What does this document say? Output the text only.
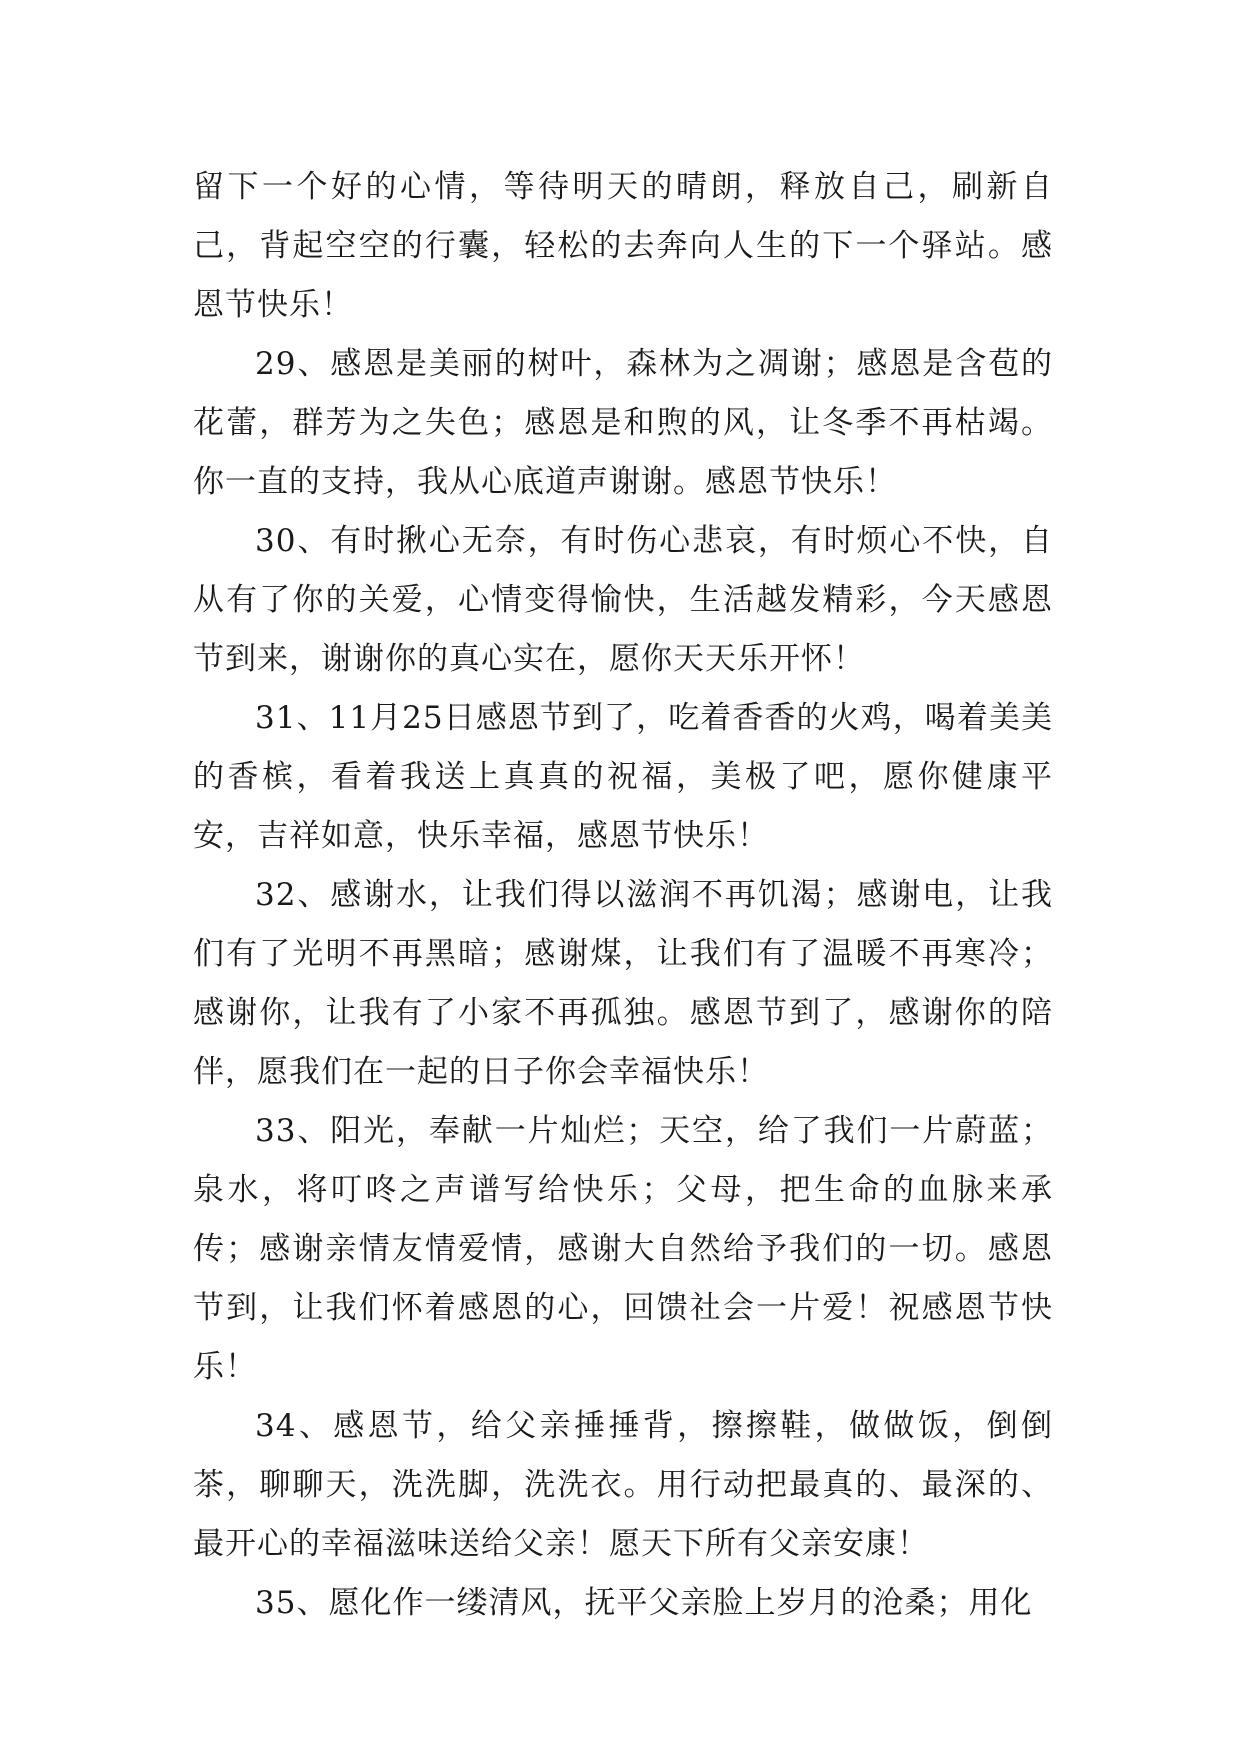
留下一个好的心情，等待明天的晴朗，释放自己，刷新自己，背起空空的行囊，轻松的去奔向人生的下一个驿站。感恩节快乐！

29、感恩是美丽的树叶，森林为之凋谢；感恩是含苞的花蕾，群芳为之失色；感恩是和煦的风，让冬季不再枯竭。你一直的支持，我从心底道声谢谢。感恩节快乐！

30、有时揪心无奈，有时伤心悲哀，有时烦心不快，自从有了你的关爱，心情变得愉快，生活越发精彩，今天感恩节到来，谢谢你的真心实在，愿你天天乐开怀！

31、11月25日感恩节到了，吃着香香的火鸡，喝着美美的香槟，看着我送上真真的祝福，美极了吧，愿你健康平安，吉祥如意，快乐幸福，感恩节快乐！

32、感谢水，让我们得以滋润不再饥渴；感谢电，让我们有了光明不再黑暗；感谢煤，让我们有了温暖不再寒冷；感谢你，让我有了小家不再孤独。感恩节到了，感谢你的陪伴，愿我们在一起的日子你会幸福快乐！

33、阳光，奉献一片灿烂；天空，给了我们一片蔚蓝；泉水，将叮咚之声谱写给快乐；父母，把生命的血脉来承传；感谢亲情友情爱情，感谢大自然给予我们的一切。感恩节到，让我们怀着感恩的心，回馈社会一片爱！祝感恩节快乐！

34、感恩节，给父亲捶捶背，擦擦鞋，做做饭，倒倒茶，聊聊天，洗洗脚，洗洗衣。用行动把最真的、最深的、最开心的幸福滋味送给父亲！愿天下所有父亲安康！

35、愿化作一缕清风，抚平父亲脸上岁月的沧桑；用化
